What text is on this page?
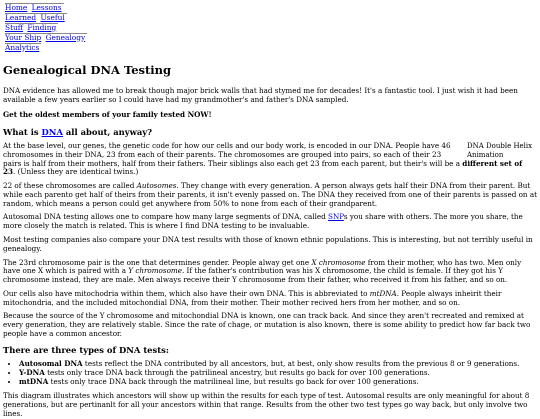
Home Lessons
Learned Useful
Stuff Finding
Your Ship Genealogy
Analytics
Genealogical DNA Testing

DNA evidence has allowed me to break though major brick walls that had stymed me for decades! It's a fantastic tool. I just wish it had been available a few years earlier so I could have had my grandmother's and father's DNA sampled.

Get the oldest members of your family tested NOW!

What is DNA all about, anyway?
DNA Double Helix Animation

At the base level, our genes, the genetic code for how our cells and our body work, is encoded in our DNA. People have 46 chromosomes in their DNA, 23 from each of their parents. The chromosomes are grouped into pairs, so each of their 23 pairs is half from their mothers, half from their fathers. Their siblings also each get 23 from each parent, but their's will be a different set of 23. (Unless they are identical twins.)

22 of these chromosomes are called Autosomes. They change with every generation. A person always gets half their DNA from their parent. But while each parento get half of theirs from their parents, it isn't evenly passed on. The DNA they received from one of their parents is passed on at random, which means a person could get anywhere from 50% to none from each of their grandparent.

Autosomal DNA testing allows one to compare how many large segments of DNA, called SNPs you share with others. The more you share, the more closely the match is related. This is where I find DNA testing to be invaluable.

Most testing companies also compare your DNA test results with those of known ethnic populations. This is interesting, but not terribly useful in genealogy.

The 23rd chromosome pair is the one that determines gender. People alway get one X chromosome from their mother, who has two. Men only have one X which is paired with a Y chromosome. If the father's contribution was his X chromosome, the child is female. If they got his Y chromosome instead, they are male. Men always receive their Y chromosome from their father, who received it from his father, and so on.

Our cells also have mitochodria within them, which also have their own DNA. This is abbreviated to mtDNA. People always inheirit their mitochondria, and the included mitochondial DNA, from their mother. Their mother recived hers from her mother, and so on.

Because the source of the Y chromosome and mitochondial DNA is known, one can track back. And since they aren't recreated and remixed at every generation, they are relatively stable. Since the rate of chage, or mutation is also known, there is some ability to predict how far back two people have a common ancestor.

There are three types of DNA tests:
• Autosomal DNA tests reflect the DNA contributed by all ancestors, but, at best, only show results from the previous 8 or 9 generations.
• Y-DNA tests only trace DNA back through the patrilineal ancestry, but results go back for over 100 generations.
• mtDNA tests only trace DNA back through the matrilineal line, but results go back for over 100 generations.

This diagram illustrates which ancestors will show up within the results for each type of test. Autosomal results are only meaningful for about 8 generations, but are pertinanlt for all your ancestors within that range. Results from the other two test types go way back, but only involve two lines.
